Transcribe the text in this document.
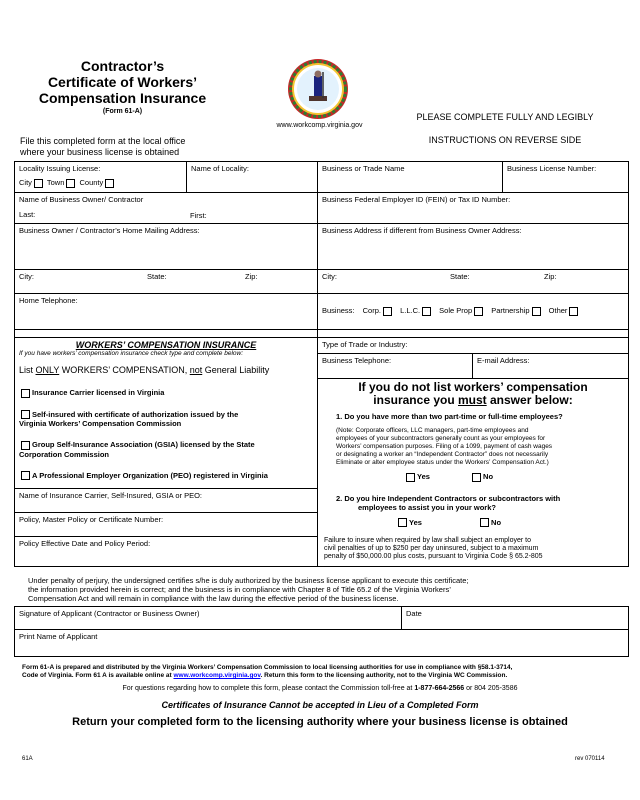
Contractor’s
Certificate of Workers’
Compensation Insurance
(Form 61-A)
www.workcomp.virginia.gov
PLEASE COMPLETE FULLY AND LEGIBLY
INSTRUCTIONS ON REVERSE SIDE
File this completed form at the local office
where your business license is obtained
Locality Issuing License:
City Town County
Name of Locality:	Business or Trade Name	Business License Number:
Name of Business Owner/ Contractor
Last:	First:
Business Federal Employer ID (FEIN) or Tax ID Number:
Business Owner / Contractor’s Home Mailing Address:	Business Address if different from Business Owner Address:
City:	State:	Zip:	City:	State:	Zip:
Home Telephone:
Business: Corp.	L.L.C.	Sole Prop	Partnership	Other
WORKERS’ COMPENSATION INSURANCE
If you have workers’ compensation insurance check type and complete below:
List ONLY WORKERS’ COMPENSATION, not General Liability
Insurance Carrier licensed in Virginia
Self-insured with certificate of authorization issued by the
Virginia Workers’ Compensation Commission
Group Self-Insurance Association (GSIA) licensed by the State
Corporation Commission
A Professional Employer Organization (PEO) registered in Virginia
Name of Insurance Carrier, Self-Insured, GSIA or PEO:
Policy, Master Policy or Certificate Number:
Policy Effective Date and Policy Period:
Type of Trade or Industry:
Business Telephone:	E-mail Address:
If you do not list workers’ compensation
insurance you must answer below:
1. Do you have more than two part-time or full-time employees?
(Note: Corporate officers, LLC managers, part-time employees and
employees of your subcontractors generally count as your employees for
Workers’ compensation purposes. Filing of a 1099, payment of cash wages
or designating a worker an “Independent Contractor” does not necessarily
Eliminate or alter employee status under the Workers’ Compensation Act.)
Yes	No
2. Do you hire Independent Contractors or subcontractors with
employees to assist you in your work?
Yes	No
Failure to insure when required by law shall subject an employer to
civil penalties of up to $250 per day uninsured, subject to a maximum
penalty of $50,000.00 plus costs, pursuant to Virginia Code § 65.2-805
Under penalty of perjury, the undersigned certifies s/he is duly authorized by the business license applicant to execute this certificate;
the information provided herein is correct; and the business is in compliance with Chapter 8 of Title 65.2 of the Virginia Workers’
Compensation Act and will remain in compliance with the law during the effective period of the business license.
Signature of Applicant (Contractor or Business Owner)	Date
Print Name of Applicant
Form 61-A is prepared and distributed by the Virginia Workers’ Compensation Commission to local licensing authorities for use in compliance with §58.1-3714,
Code of Virginia. Form 61 A is available online at www.workcomp.virginia.gov. Return this form to the licensing authority, not to the Virginia WC Commission.
For questions regarding how to complete this form, please contact the Commission toll-free at 1-877-664-2566 or 804 205-3586
Certificates of Insurance Cannot be accepted in Lieu of a Completed Form
Return your completed form to the licensing authority where your business license is obtained
61A	rev 070114
